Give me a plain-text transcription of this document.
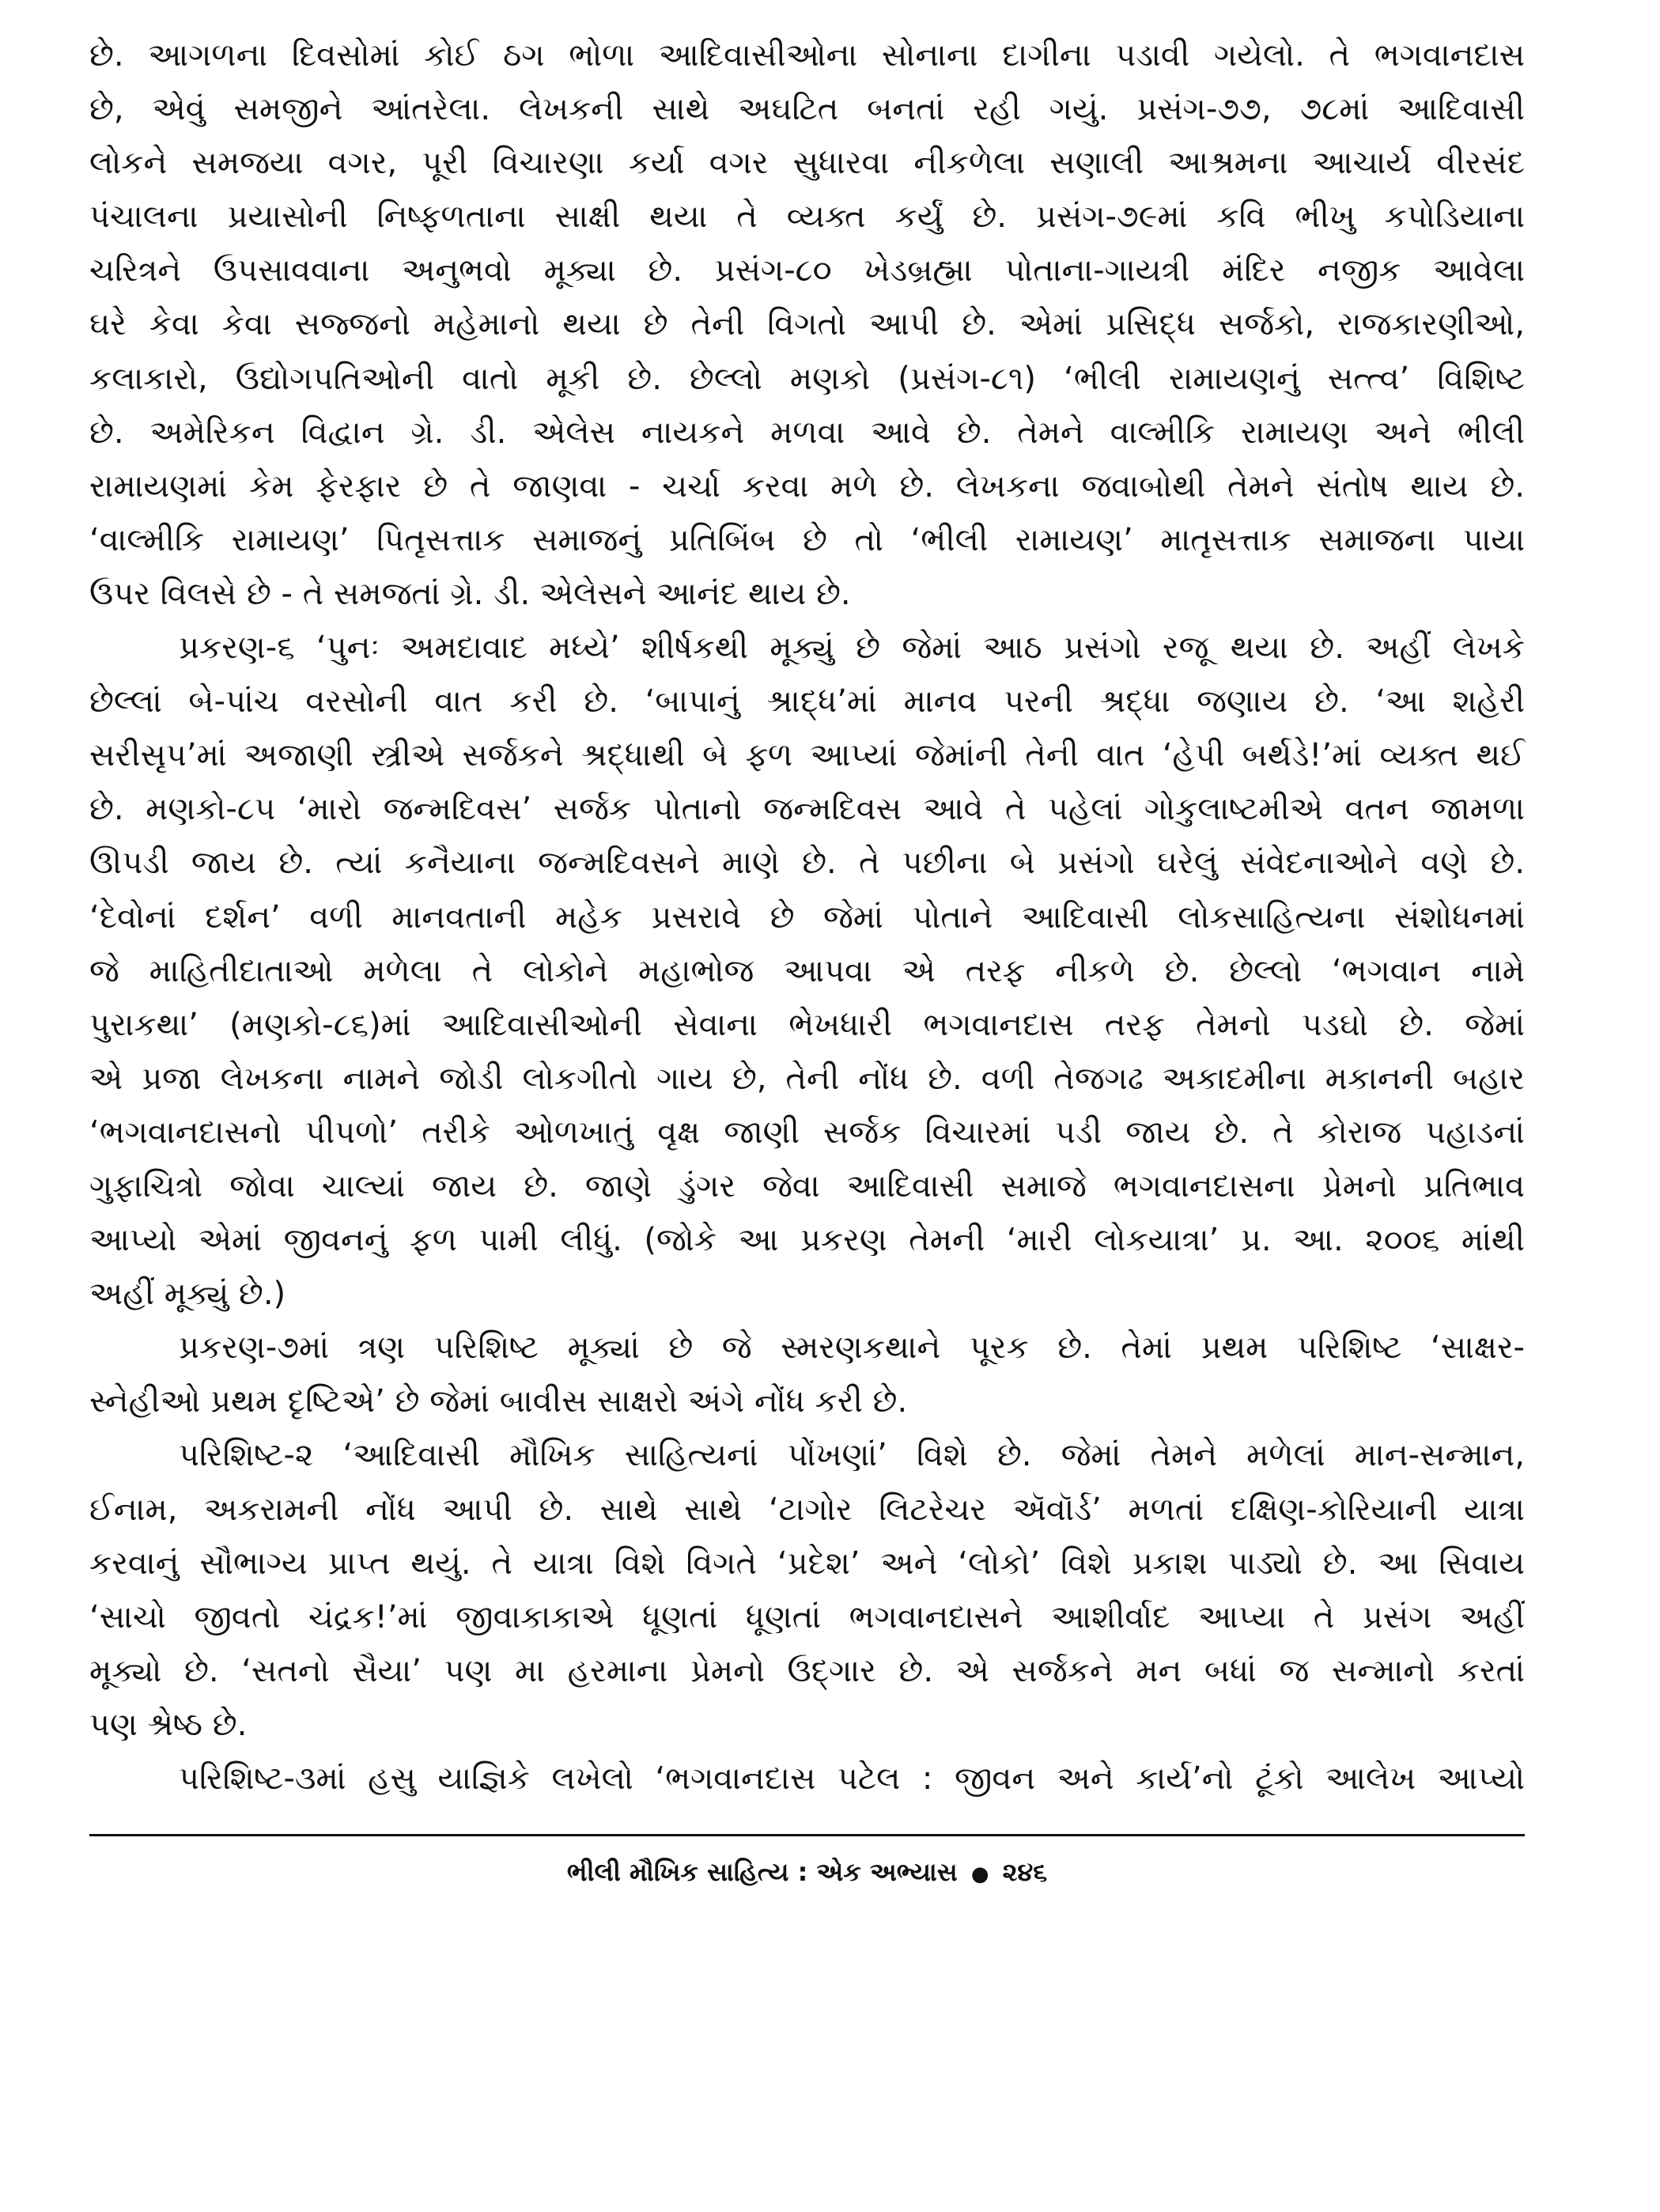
છે. આગળના દિવસોમાં કોઈ ઠગ ભોળા આદિવાસીઓના સોનાના દાગીના પડાવી ગયેલો. તે ભગવાનદાસ
છે, એવું સમજીને આંતરેલા. લેખકની સાથે અઘટિત બનતાં રહી ગયું. પ્રસંગ-૭૭, ૭૮માં આદિવાસી
લોકને સમજયા વગર, પૂરી વિચારણા કર્યા વગર સુધારવા નીકળેલા સણાલી આશ્રમના આચાર્ય વીરસંદ
પંચાલના પ્રયાસોની નિષ્ફળતાના સાક્ષી થયા તે વ્યક્ત કર્યું છે. પ્રસંગ-૭૯માં કવિ ભીખુ કપોડિયાના
ચરિત્રને ઉપસાવવાના અનુભવો મૂક્યા છે. પ્રસંગ-૮૦ ખેડબ્રહ્મા પોતાના-ગાયત્રી મંદિર નજીક આવેલા
ઘરે કેવા કેવા સજ્જનો મહેમાનો થયા છે તેની વિગતો આપી છે. એમાં પ્રસિદ્ધ સર્જકો, રાજકારણીઓ,
કલાકારો, ઉદ્યોગપતિઓની વાતો મૂકી છે. છેલ્લો મણકો (પ્રસંગ-૮૧) ‘ભીલી રામાયણનું સત્ત્વ’ વિશિષ્ટ
છે. અમેરિકન વિદ્વાન ગ્રે. ડી. એલેસ નાયકને મળવા આવે છે. તેમને વાલ્મીકિ રામાયણ અને ભીલી
રામાયણમાં કેમ ફેરફાર છે તે જાણવા - ચર્ચા કરવા મળે છે. લેખકના જવાબોથી તેમને સંતોષ થાય છે.
‘વાલ્મીકિ રામાયણ’ પિતૃસત્તાક સમાજનું પ્રતિબિંબ છે તો ‘ભીલી રામાયણ’ માતૃસત્તાક સમાજના પાયા
ઉપર વિલસે છે - તે સમજતાં ગ્રે. ડી. એલેસને આનંદ થાય છે.
પ્રકરણ-૬ ‘પુનઃ અમદાવાદ મધ્યે’ શીર્ષકથી મૂક્યું છે જેમાં આઠ પ્રસંગો રજૂ થયા છે. અહીં લેખકે
છેલ્લાં બે-પાંચ વરસોની વાત કરી છે. ‘બાપાનું શ્રાદ્ધ’માં માનવ પરની શ્રદ્ધા જણાય છે. ‘આ શહેરી
સરીસૃપ’માં અજાણી સ્ત્રીએ સર્જકને શ્રદ્ધાથી બે ફળ આપ્યાં જેમાંની તેની વાત ‘હેપી બર્થડે!’માં વ્યક્ત થઈ
છે. મણકો-૮૫ ‘મારો જન્મદિવસ’ સર્જક પોતાનો જન્મદિવસ આવે તે પહેલાં ગોકુલાષ્ટમીએ વતન જામળા
ઊપડી જાય છે. ત્યાં કનૈયાના જન્મદિવસને માણે છે. તે પછીના બે પ્રસંગો ઘરેલું સંવેદનાઓને વણે છે.
‘દેવોનાં દર્શન’ વળી માનવતાની મહેક પ્રસરાવે છે જેમાં પોતાને આદિવાસી લોકસાહિત્યના સંશોધનમાં
જે માહિતીદાતાઓ મળેલા તે લોકોને મહાભોજ આપવા એ તરફ નીકળે છે. છેલ્લો ‘ભગવાન નામે
પુરાકથા’ (મણકો-૮૬)માં આદિવાસીઓની સેવાના ભેખધારી ભગવાનદાસ તરફ તેમનો પડઘો છે. જેમાં
એ પ્રજા લેખકના નામને જોડી લોકગીતો ગાય છે, તેની નોંધ છે. વળી તેજગઢ અકાદમીના મકાનની બહાર
‘ભગવાનદાસનો પીપળો’ તરીકે ઓળખાતું વૃક્ષ જાણી સર્જક વિચારમાં પડી જાય છે. તે કોરાજ પહાડનાં
ગુફાચિત્રો જોવા ચાલ્યાં જાય છે. જાણે ડુંગર જેવા આદિવાસી સમાજે ભગવાનદાસના પ્રેમનો પ્રતિભાવ
આપ્યો એમાં જીવનનું ફળ પામી લીધું. (જોકે આ પ્રકરણ તેમની ‘મારી લોકયાત્રા’ પ્ર. આ. ૨૦૦૬ માંથી
અહીં મૂક્યું છે.)
પ્રકરણ-૭માં ત્રણ પરિશિષ્ટ મૂક્યાં છે જે સ્મરણકથાને પૂરક છે. તેમાં પ્રથમ પરિશિષ્ટ ‘સાક્ષર-
સ્નેહીઓ પ્રથમ દૃષ્ટિએ’ છે જેમાં બાવીસ સાક્ષરો અંગે નોંધ કરી છે.
પરિશિષ્ટ-૨ ‘આદિવાસી મૌખિક સાહિત્યનાં પોંખણાં’ વિશે છે. જેમાં તેમને મળેલાં માન-સન્માન,
ઈનામ, અકરામની નોંધ આપી છે. સાથે સાથે ‘ટાગોર લિટરેચર ઍવૉર્ડ’ મળતાં દક્ષિણ-કોરિયાની યાત્રા
કરવાનું સૌભાગ્ય પ્રાપ્ત થયું. તે યાત્રા વિશે વિગતે ‘પ્રદેશ’ અને ‘લોકો’ વિશે પ્રકાશ પાડ્યો છે. આ સિવાય
‘સાચો જીવતો ચંદ્રક!’માં જીવાકાકાએ ધૂણતાં ધૂણતાં ભગવાનદાસને આશીર્વાદ આપ્યા તે પ્રસંગ અહીં
મૂક્યો છે. ‘સતનો સૈયા’ પણ મા હરમાના પ્રેમનો ઉદ્ગાર છે. એ સર્જકને મન બધાં જ સન્માનો કરતાં
પણ શ્રેષ્ઠ છે.
પરિશિષ્ટ-૩માં હસુ યાજ્ઞિકે લખેલો ‘ભગવાનદાસ પટેલ : જીવન અને કાર્ય’નો ટૂંકો આલેખ આપ્યો
ભીલી મૌખિક સાહિત્ય : એક અભ્યાસ ● ૨૪૬
